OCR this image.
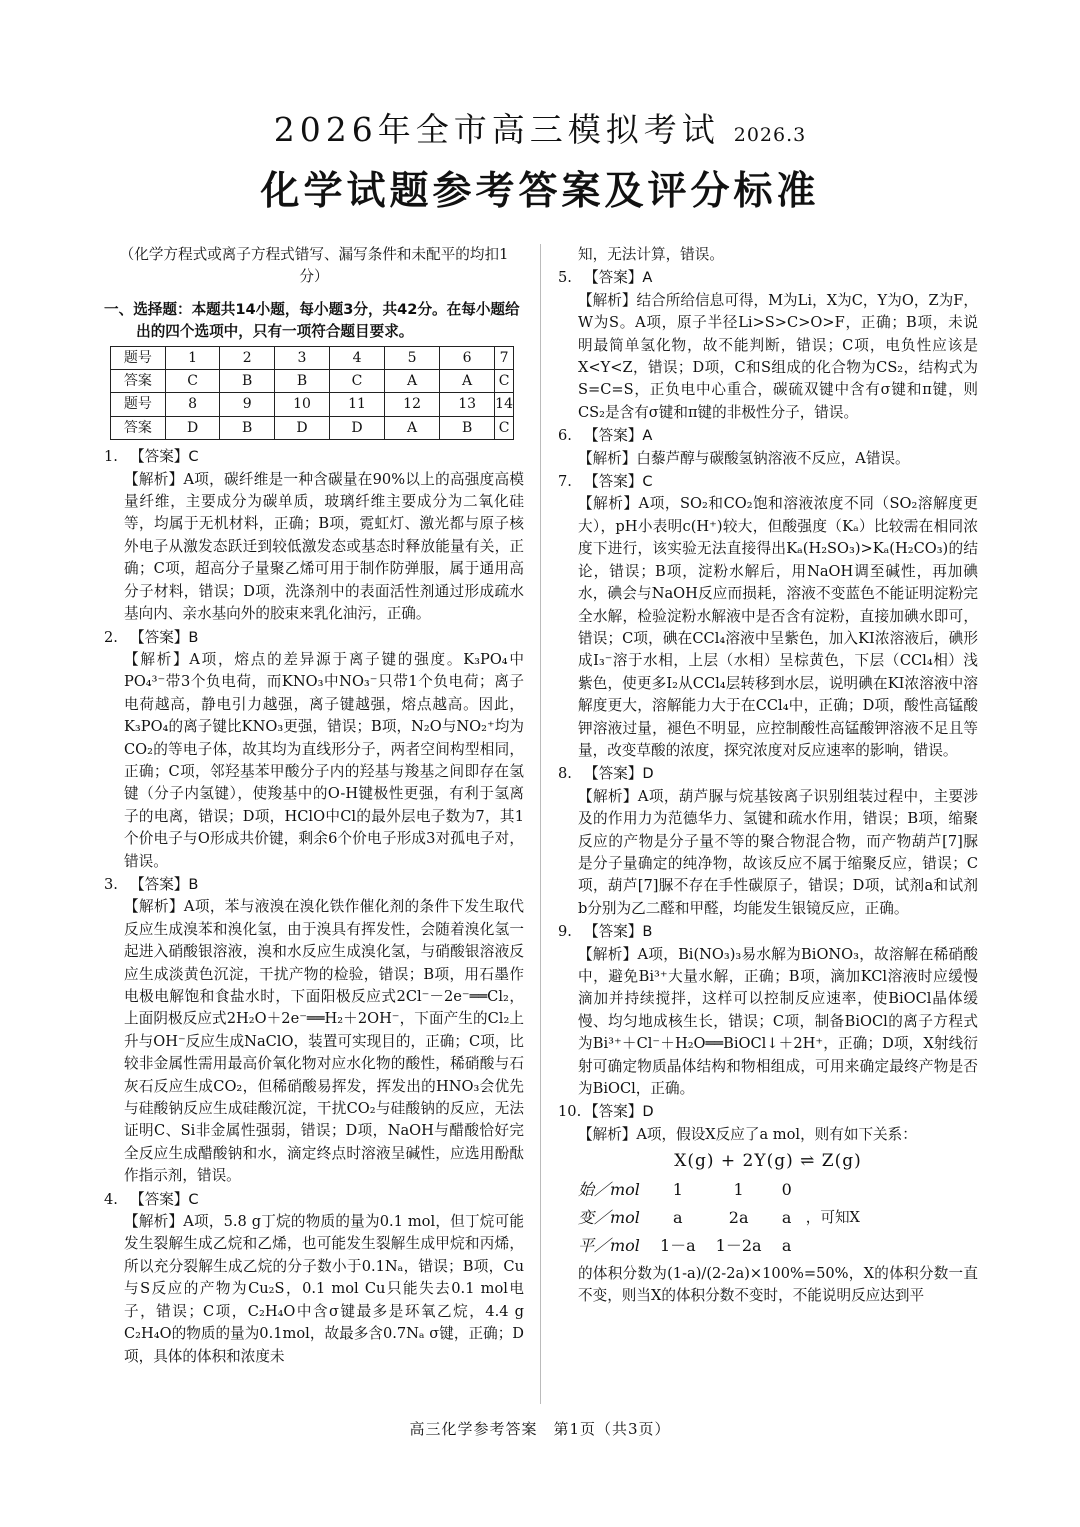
2026年全市高三模拟考试 2026.3
化学试题参考答案及评分标准
（化学方程式或离子方程式错写、漏写条件和未配平的均扣1分）
一、选择题：本题共14小题，每小题3分，共42分。在每小题给出的四个选项中，只有一项符合题目要求。
题号	1	2	3	4	5	6	7
答案	C	B	B	C	A	A	C
题号	8	9	10	11	12	13	14
答案	D	B	D	D	A	B	C
1. 【答案】C
【解析】A项，碳纤维是一种含碳量在90%以上的高强度高模量纤维，主要成分为碳单质，玻璃纤维主要成分为二氧化硅等，均属于无机材料，正确；B项，霓虹灯、激光都与原子核外电子从激发态跃迁到较低激发态或基态时释放能量有关，正确；C项，超高分子量聚乙烯可用于制作防弹服，属于通用高分子材料，错误；D项，洗涤剂中的表面活性剂通过形成疏水基向内、亲水基向外的胶束来乳化油污，正确。
2. 【答案】B
【解析】A项，熔点的差异源于离子键的强度。K₃PO₄中PO₄³⁻带3个负电荷，而KNO₃中NO₃⁻只带1个负电荷；离子电荷越高，静电引力越强，离子键越强，熔点越高。因此，K₃PO₄的离子键比KNO₃更强，错误；B项，N₂O与NO₂⁺均为CO₂的等电子体，故其均为直线形分子，两者空间构型相同，正确；C项，邻羟基苯甲酸分子内的羟基与羧基之间即存在氢键（分子内氢键），使羧基中的O-H键极性更强，有利于氢离子的电离，错误；D项，HClO中Cl的最外层电子数为7，其1个价电子与O形成共价键，剩余6个价电子形成3对孤电子对，错误。
3. 【答案】B
【解析】A项，苯与液溴在溴化铁作催化剂的条件下发生取代反应生成溴苯和溴化氢，由于溴具有挥发性，会随着溴化氢一起进入硝酸银溶液，溴和水反应生成溴化氢，与硝酸银溶液反应生成淡黄色沉淀，干扰产物的检验，错误；B项，用石墨作电极电解饱和食盐水时，下面阳极反应式2Cl⁻－2e⁻══Cl₂，上面阴极反应式2H₂O＋2e⁻══H₂＋2OH⁻，下面产生的Cl₂上升与OH⁻反应生成NaClO，装置可实现目的，正确；C项，比较非金属性需用最高价氧化物对应水化物的酸性，稀硝酸与石灰石反应生成CO₂，但稀硝酸易挥发，挥发出的HNO₃会优先与硅酸钠反应生成硅酸沉淀，干扰CO₂与硅酸钠的反应，无法证明C、Si非金属性强弱，错误；D项，NaOH与醋酸恰好完全反应生成醋酸钠和水，滴定终点时溶液呈碱性，应选用酚酞作指示剂，错误。
4. 【答案】C
【解析】A项，5.8 g丁烷的物质的量为0.1 mol，但丁烷可能发生裂解生成乙烷和乙烯，也可能发生裂解生成甲烷和丙烯，所以充分裂解生成乙烷的分子数小于0.1Nₐ，错误；B项，Cu与S反应的产物为Cu₂S，0.1 mol Cu只能失去0.1 mol电子，错误；C项，C₂H₄O中含σ键最多是环氧乙烷，4.4 g C₂H₄O的物质的量为0.1mol，故最多含0.7Nₐ σ键，正确；D项，具体的体积和浓度未
知，无法计算，错误。
5. 【答案】A
【解析】结合所给信息可得，M为Li，X为C，Y为O，Z为F，W为S。A项，原子半径Li>S>C>O>F，正确；B项，未说明最简单氢化物，故不能判断，错误；C项，电负性应该是X<Y<Z，错误；D项，C和S组成的化合物为CS₂，结构式为S=C=S，正负电中心重合，碳硫双键中含有σ键和π键，则CS₂是含有σ键和π键的非极性分子，错误。
6. 【答案】A
【解析】白藜芦醇与碳酸氢钠溶液不反应，A错误。
7. 【答案】C
【解析】A项，SO₂和CO₂饱和溶液浓度不同（SO₂溶解度更大），pH小表明c(H⁺)较大，但酸强度（Kₐ）比较需在相同浓度下进行，该实验无法直接得出Kₐ(H₂SO₃)>Kₐ(H₂CO₃)的结论，错误；B项，淀粉水解后，用NaOH调至碱性，再加碘水，碘会与NaOH反应而损耗，溶液不变蓝色不能证明淀粉完全水解，检验淀粉水解液中是否含有淀粉，直接加碘水即可，错误；C项，碘在CCl₄溶液中呈紫色，加入KI浓溶液后，碘形成I₃⁻溶于水相，上层（水相）呈棕黄色，下层（CCl₄相）浅紫色，使更多I₂从CCl₄层转移到水层，说明碘在KI浓溶液中溶解度更大，溶解能力大于在CCl₄中，正确；D项，酸性高锰酸钾溶液过量，褪色不明显，应控制酸性高锰酸钾溶液不足且等量，改变草酸的浓度，探究浓度对反应速率的影响，错误。
8. 【答案】D
【解析】A项，葫芦脲与烷基铵离子识别组装过程中，主要涉及的作用力为范德华力、氢键和疏水作用，错误；B项，缩聚反应的产物是分子量不等的聚合物混合物，而产物葫芦[7]脲是分子量确定的纯净物，故该反应不属于缩聚反应，错误；C项，葫芦[7]脲不存在手性碳原子，错误；D项，试剂a和试剂b分别为乙二醛和甲醛，均能发生银镜反应，正确。
9. 【答案】B
【解析】A项，Bi(NO₃)₃易水解为BiONO₃，故溶解在稀硝酸中，避免Bi³⁺大量水解，正确；B项，滴加KCl溶液时应缓慢滴加并持续搅拌，这样可以控制反应速率，使BiOCl晶体缓慢、均匀地成核生长，错误；C项，制备BiOCl的离子方程式为Bi³⁺＋Cl⁻＋H₂O══BiOCl↓＋2H⁺，正确；D项，X射线衍射可确定物质晶体结构和物相组成，可用来确定最终产物是否为BiOCl，正确。
10. 【答案】D
【解析】A项，假设X反应了a mol，则有如下关系：
X(g) + 2Y(g) ⇌ Z(g)
始／mol	1	1	0
变／mol	a	2a	a
平／mol	1－a	1－2a	a
，可知X
的体积分数为(1-a)/(2-2a)×100%=50%，X的体积分数一直不变，则当X的体积分数不变时，不能说明反应达到平
高三化学参考答案　第1页（共3页）
